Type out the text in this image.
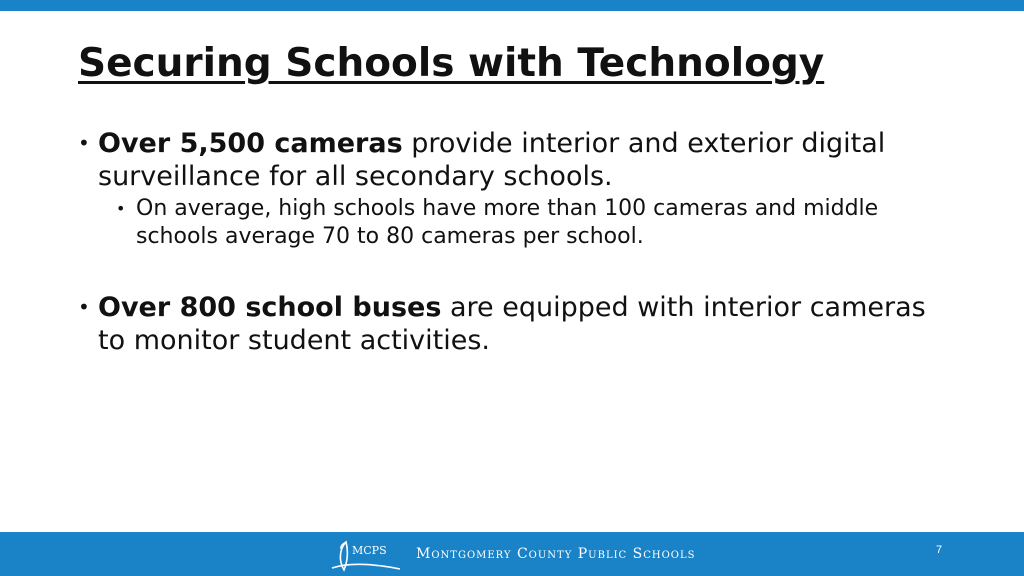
Securing Schools with Technology
• Over 5,500 cameras provide interior and exterior digital surveillance for all secondary schools.
• On average, high schools have more than 100 cameras and middle schools average 70 to 80 cameras per school.
• Over 800 school buses are equipped with interior cameras to monitor student activities.
MCPS Montgomery County Public Schools	7
